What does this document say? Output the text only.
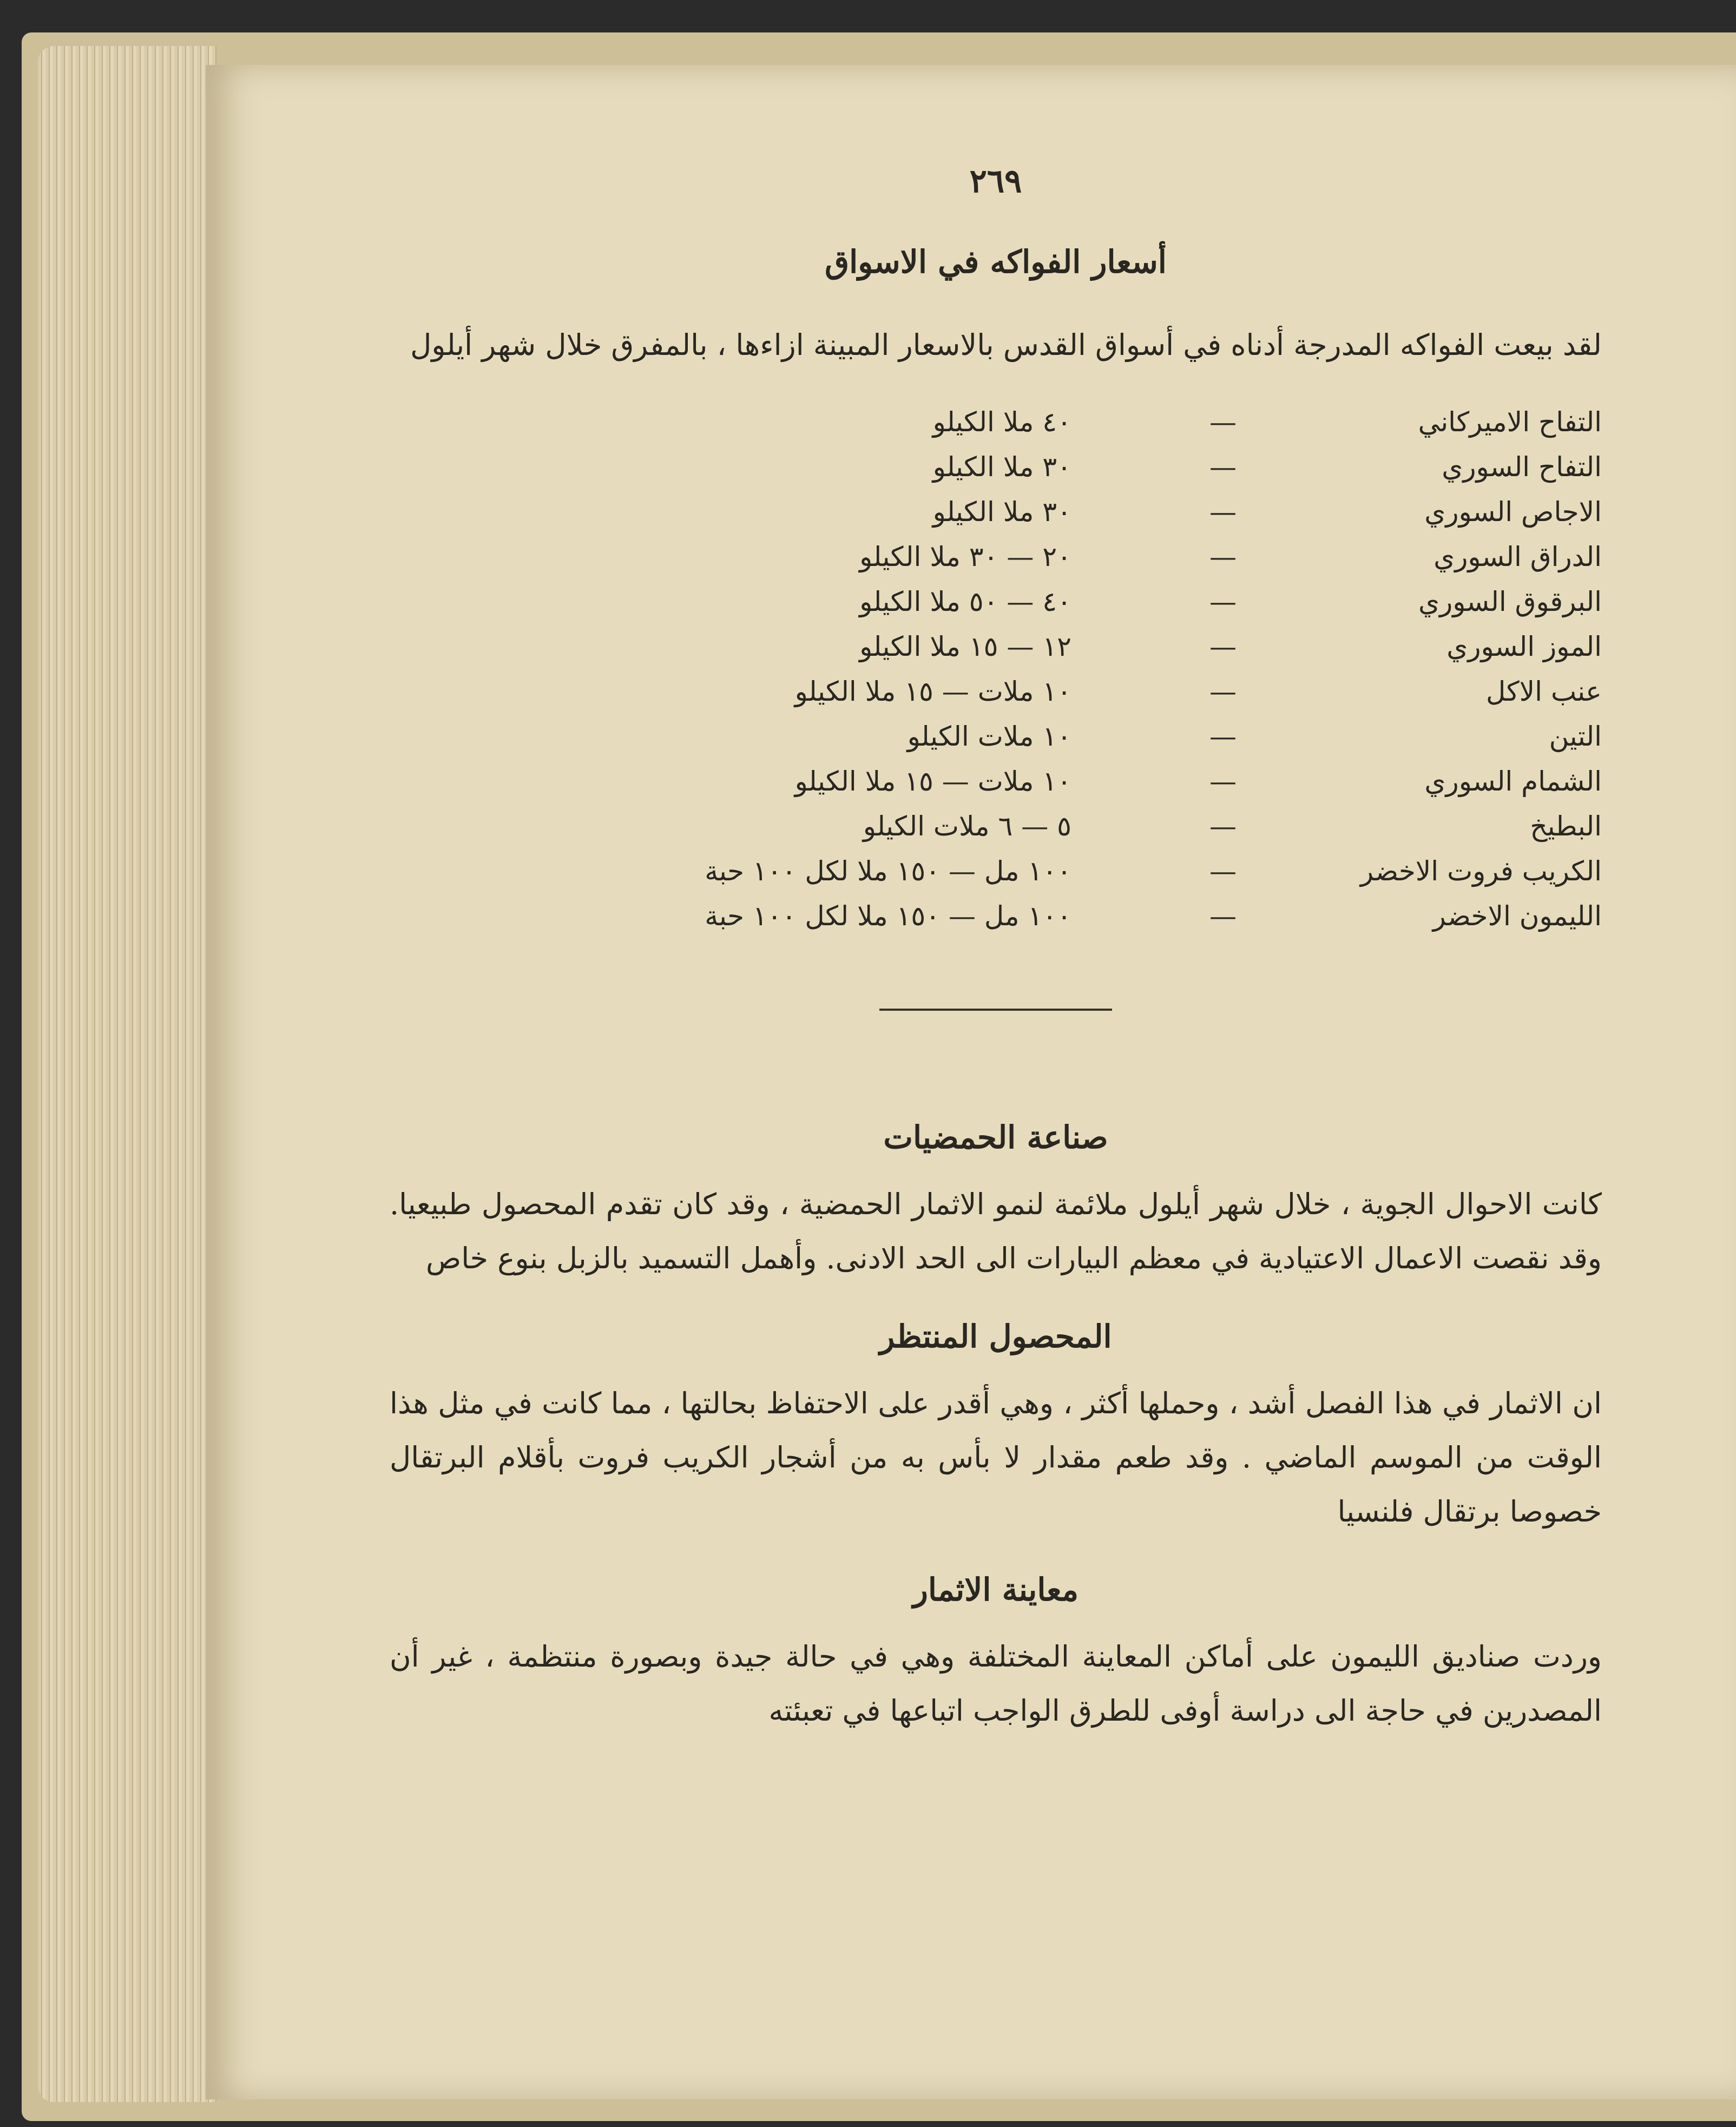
٢٦٩
أسعار الفواكه في الاسواق

لقد بيعت الفواكه المدرجة أدناه في أسواق القدس بالاسعار المبينة ازاءها ، بالمفرق خلال شهر أيلول

التفاح الاميركاني
—
٤٠ ملا الكيلو
التفاح السوري
—
٣٠ ملا الكيلو
الاجاص السوري
—
٣٠ ملا الكيلو
الدراق السوري
—
٢٠ — ٣٠ ملا الكيلو
البرقوق السوري
—
٤٠ — ٥٠ ملا الكيلو
الموز السوري
—
١٢ — ١٥ ملا الكيلو
عنب الاكل
—
١٠ ملات — ١٥ ملا الكيلو
التين
—
١٠ ملات الكيلو
الشمام السوري
—
١٠ ملات — ١٥ ملا الكيلو
البطيخ
—
٥ — ٦ ملات الكيلو
الكريب فروت الاخضر
—
١٠٠ مل — ١٥٠ ملا لكل ١٠٠ حبة
الليمون الاخضر
—
١٠٠ مل — ١٥٠ ملا لكل ١٠٠ حبة
صناعة الحمضيات

كانت الاحوال الجوية ، خلال شهر أيلول ملائمة لنمو الاثمار الحمضية ، وقد كان تقدم المحصول طبيعيا. وقد نقصت الاعمال الاعتيادية في معظم البيارات الى الحد الادنى. وأهمل التسميد بالزبل بنوع خاص

المحصول المنتظر

ان الاثمار في هذا الفصل أشد ، وحملها أكثر ، وهي أقدر على الاحتفاظ بحالتها ، مما كانت في مثل هذا الوقت من الموسم الماضي . وقد طعم مقدار لا بأس به من أشجار الكريب فروت بأقلام البرتقال خصوصا برتقال فلنسيا

معاينة الاثمار

وردت صناديق الليمون على أماكن المعاينة المختلفة وهي في حالة جيدة وبصورة منتظمة ، غير أن المصدرين في حاجة الى دراسة أوفى للطرق الواجب اتباعها في تعبئته
